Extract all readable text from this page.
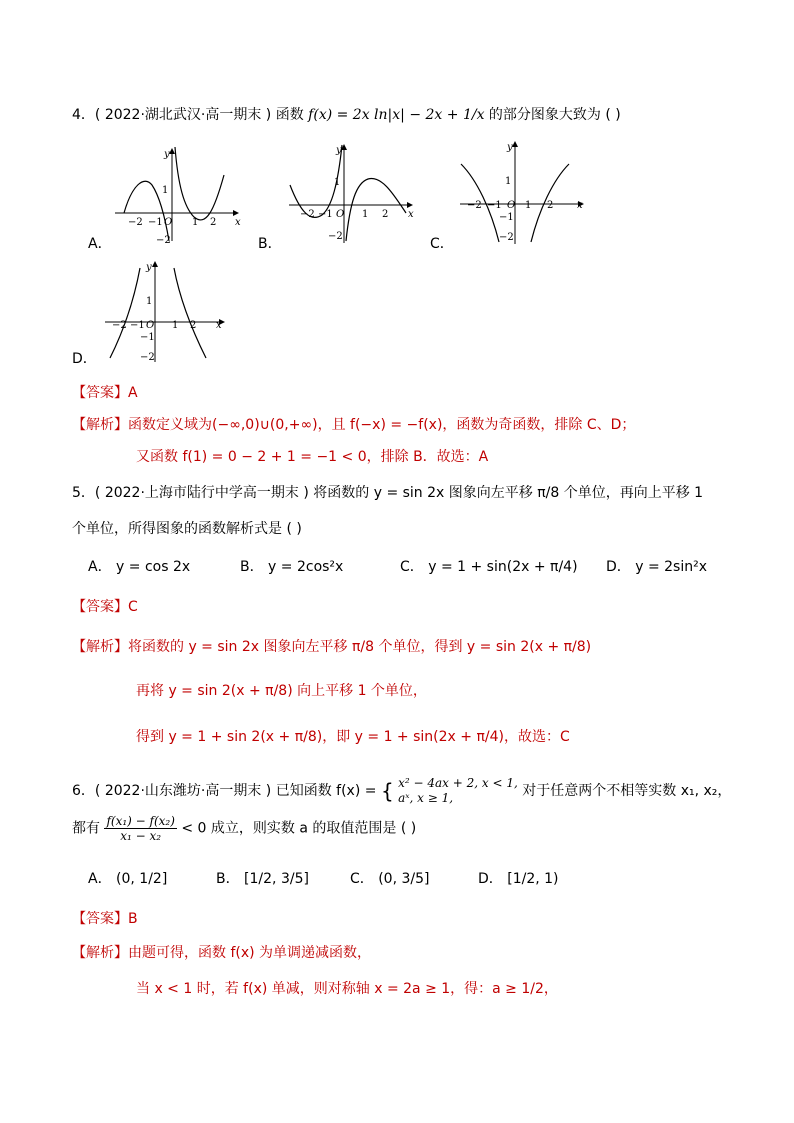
4．( 2022·湖北武汉·高一期末 ) 函数 f(x) = 2x ln|x| − 2x + 1/x 的部分图象大致为 ( )
−2 −1 O 1 2 x
y
1
−2
A．
−2 −1 O 1 2 x
y
1
−2
B．
−2 −1 O 1 2 x
y
1
−1
−2
C．
−2 −1 O 1 2 x
y
1
−1
−2
D．
【答案】A
【解析】函数定义域为(−∞,0)∪(0,+∞)，且 f(−x) = −f(x)，函数为奇函数，排除 C、D；
又函数 f(1) = 0 − 2 + 1 = −1 < 0，排除 B．故选：A
5．( 2022·上海市陆行中学高一期末 ) 将函数的 y = sin 2x 图象向左平移 π/8 个单位，再向上平移 1
个单位，所得图象的函数解析式是 ( )
A． y = cos 2x	B． y = 2cos²x	C． y = 1 + sin(2x + π/4) D． y = 2sin²x
【答案】C
【解析】将函数的 y = sin 2x 图象向左平移 π/8 个单位，得到 y = sin 2(x + π/8)
再将 y = sin 2(x + π/8) 向上平移 1 个单位，
得到 y = 1 + sin 2(x + π/8)，即 y = 1 + sin(2x + π/4)，故选：C
6．( 2022·山东潍坊·高一期末 ) 已知函数 f(x) = { x² − 4ax + 2, x < 1,
aˣ, x ≥ 1,	对于任意两个不相等实数 x₁, x₂，
都有 $\frac{\text{f(x₁) − f(x₂)}}{\text{x₁ − x₂}} < 0$ 成立，则实数 a 的取值范围是 ( )
A． (0, 1/2]	B． [1/2, 3/5]	C． (0, 3/5]	D． [1/2, 1)
【答案】B
【解析】由题可得，函数 f(x) 为单调递减函数，
当 x < 1 时，若 f(x) 单减，则对称轴 x = 2a ≥ 1，得：a ≥ 1/2，
